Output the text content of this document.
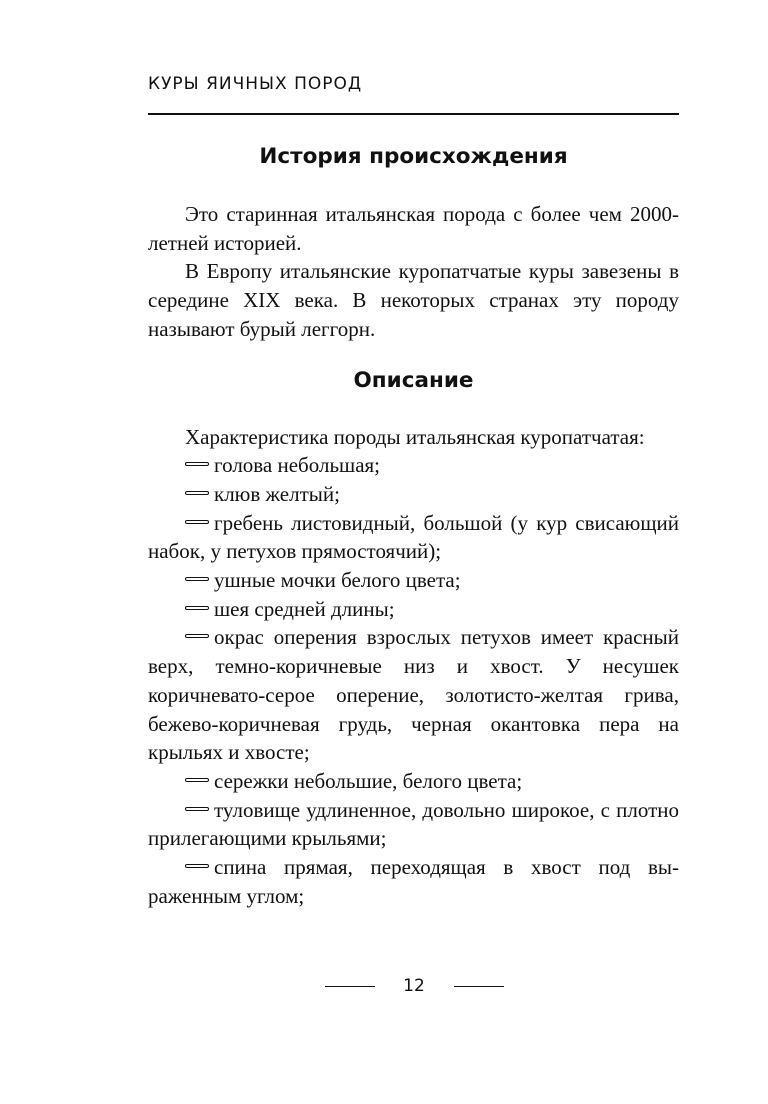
КУРЫ ЯИЧНЫХ ПОРОД
История происхождения

Это старинная итальянская порода с более чем 2000-летней историей.

В Европу итальянские куропатчатые куры завезены в середине XIX века. В некоторых странах эту породу называют бурый леггорн.

Описание

Характеристика породы итальянская куропатчатая:

голова небольшая;
клюв желтый;
гребень листовидный, большой (у кур свисающий набок, у петухов прямостоячий);
ушные мочки белого цвета;
шея средней длины;
окрас оперения взрослых петухов имеет красный верх, темно-коричневые низ и хвост. У несушек коричневато-серое оперение, золотисто-желтая грива, бежево-коричневая грудь, черная окантовка пера на крыльях и хвосте;
сережки небольшие, белого цвета;
туловище удлиненное, довольно широкое, с плотно прилегающими крыльями;
спина прямая, переходящая в хвост под выраженным углом;
12
